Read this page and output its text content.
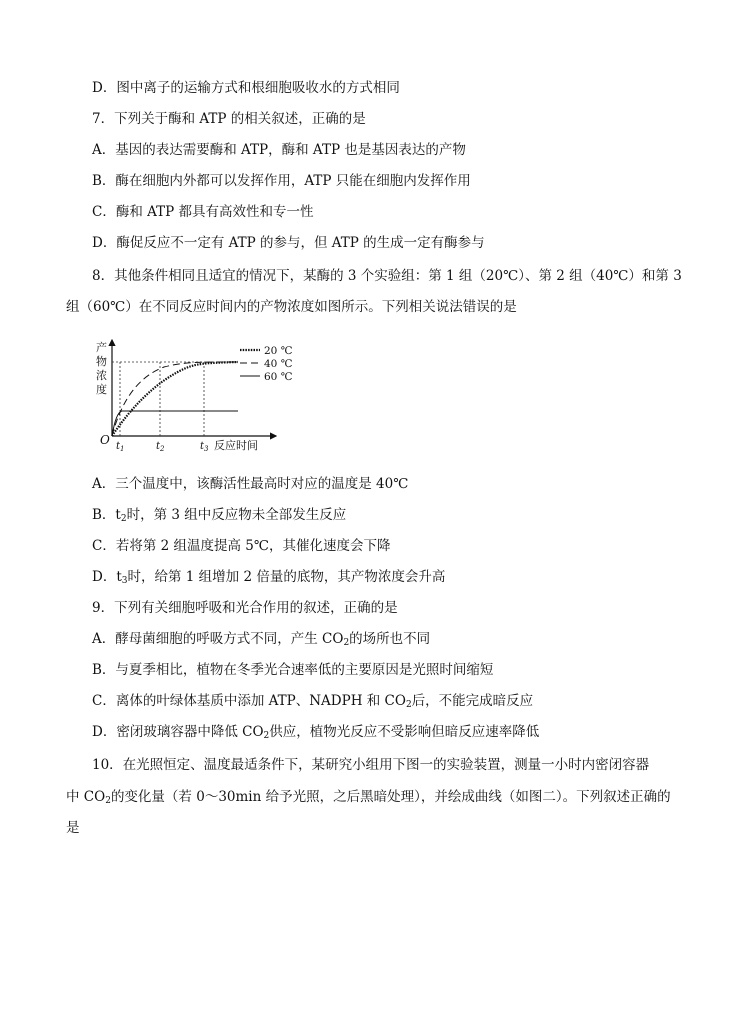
D．图中离子的运输方式和根细胞吸收水的方式相同
7．下列关于酶和 ATP 的相关叙述，正确的是
A．基因的表达需要酶和 ATP，酶和 ATP 也是基因表达的产物
B．酶在细胞内外都可以发挥作用，ATP 只能在细胞内发挥作用
C．酶和 ATP 都具有高效性和专一性
D．酶促反应不一定有 ATP 的参与，但 ATP 的生成一定有酶参与
8．其他条件相同且适宜的情况下，某酶的 3 个实验组：第 1 组（20℃）、第 2 组（40℃）和第 3
组（60℃）在不同反应时间内的产物浓度如图所示。下列相关说法错误的是
产
物
浓
度
O $t_1$	$t_2$	$t_3$ 反应时间
20 ℃
40 ℃
60 ℃
A．三个温度中，该酶活性最高时对应的温度是 40℃
B．$t_2$时，第 3 组中反应物未全部发生反应
C．若将第 2 组温度提高 5℃，其催化速度会下降
D．$t_3$时，给第 1 组增加 2 倍量的底物，其产物浓度会升高
9．下列有关细胞呼吸和光合作用的叙述，正确的是
A．酵母菌细胞的呼吸方式不同，产生 $CO_2$的场所也不同
B．与夏季相比，植物在冬季光合速率低的主要原因是光照时间缩短
C．离体的叶绿体基质中添加 ATP、NADPH 和 $CO_2$后，不能完成暗反应
D．密闭玻璃容器中降低 $CO_2$供应，植物光反应不受影响但暗反应速率降低
10．在光照恒定、温度最适条件下，某研究小组用下图一的实验装置，测量一小时内密闭容器
中 $CO_2$的变化量（若 0～30min 给予光照，之后黑暗处理），并绘成曲线（如图二）。下列叙述正确的
是
